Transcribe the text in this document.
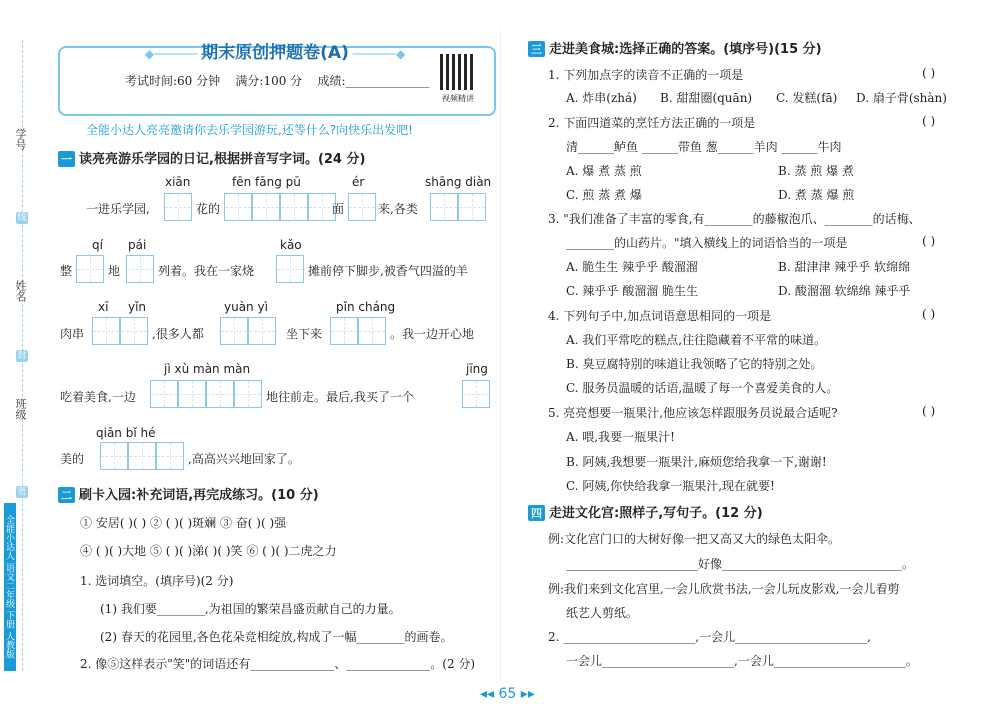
学号
姓名
班级
线
封
密
全能小达人 语文二年级 下册 人教版
◆────── 期末原创押题卷(A) ──────◆
考试时间:60 分钟 满分:100 分 成绩:______________
视频精讲
全能小达人亮亮邀请你去乐学园游玩,还等什么?向快乐出发吧!
一 读亮亮游乐学园的日记,根据拼音写字词。(24 分)
xiān	fēn fāng pū	ér	shāng diàn
一进乐学园,	花的	面	来,各类
qí pái	kǎo
整	地	列着。我在一家烧	摊前停下脚步,被香气四溢的羊
xī yǐn	yuàn yì	pǐn cháng
肉串	,很多人都	坐下来	。我一边开心地
jì xù màn màn	jīng
吃着美食,一边	地往前走。最后,我买了一个
qiān bǐ hé
美的	,高高兴兴地回家了。
二 刷卡入园:补充词语,再完成练习。(10 分)
① 安居( )( ) ② ( )( )斑斓 ③ 奋( )( )强
④ ( )( )大地 ⑤ ( )( )涕( )( )笑 ⑥ ( )( )二虎之力
1. 选词填空。(填序号)(2 分)
(1) 我们要________,为祖国的繁荣昌盛贡献自己的力量。
(2) 春天的花园里,各色花朵竞相绽放,构成了一幅________的画卷。
2. 像⑤这样表示"笑"的词语还有______________、______________。(2 分)
三 走进美食城:选择正确的答案。(填序号)(15 分)
1. 下列加点字的读音不正确的一项是	( )
A. 炸串(zhá) B. 甜甜圈(quān) C. 发糕(fā) D. 扇子骨(shàn)
2. 下面四道菜的烹饪方法正确的一项是	( )
清______鲈鱼 ______带鱼 葱______羊肉 ______牛肉
A. 爆 煮 蒸 煎	B. 蒸 煎 爆 煮
C. 煎 蒸 煮 爆	D. 煮 蒸 爆 煎
3. "我们准备了丰富的零食,有________的藤椒泡爪、________的话梅、
________的山药片。"填入横线上的词语恰当的一项是	( )
A. 脆生生 辣乎乎 酸溜溜	B. 甜津津 辣乎乎 软绵绵
C. 辣乎乎 酸溜溜 脆生生	D. 酸溜溜 软绵绵 辣乎乎
4. 下列句子中,加点词语意思相同的一项是	( )
A. 我们平常吃的糕点,往往隐藏着不平常的味道。
B. 臭豆腐特别的味道让我领略了它的特别之处。
C. 服务员温暖的话语,温暖了每一个喜爱美食的人。
5. 亮亮想要一瓶果汁,他应该怎样跟服务员说最合适呢?	( )
A. 喂,我要一瓶果汁!
B. 阿姨,我想要一瓶果汁,麻烦您给我拿一下,谢谢!
C. 阿姨,你快给我拿一瓶果汁,现在就要!
四 走进文化宫:照样子,写句子。(12 分)
例:文化宫门口的大树好像一把又高又大的绿色太阳伞。
______________________好像______________________________。
例:我们来到文化宫里,一会儿欣赏书法,一会儿玩皮影戏,一会儿看剪
纸艺人剪纸。
2. ______________________,一会儿______________________,
一会儿______________________,一会儿______________________。
◂◂ 65 ▸▸
